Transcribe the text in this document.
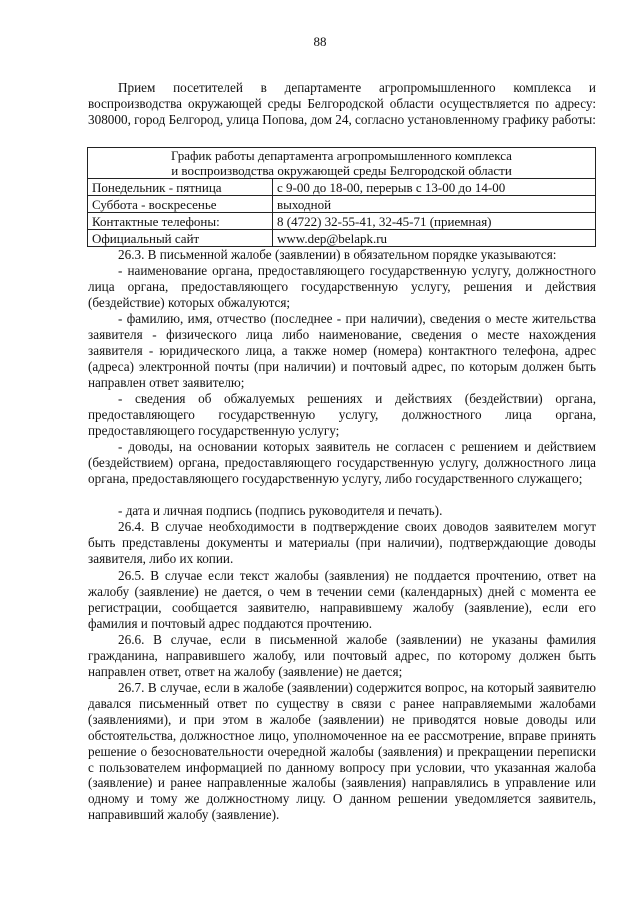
88
Прием посетителей в департаменте агропромышленного комплекса и воспроизводства окружающей среды Белгородской области осуществляется по адресу: 308000, город Белгород, улица Попова, дом 24, согласно установленному графику работы:
График работы департамента агропромышленного комплекса
и воспроизводства окружающей среды Белгородской области	

Понедельник - пятница	с 9-00 до 18-00, перерыв с 13-00 до 14-00
Суббота - воскресенье	выходной
Контактные телефоны:	8 (4722) 32-55-41, 32-45-71 (приемная)
Официальный сайт	www.dep@belapk.ru
26.3. В письменной жалобе (заявлении) в обязательном порядке указываются:
- наименование органа, предоставляющего государственную услугу, должностного лица органа, предоставляющего государственную услугу, решения и действия (бездействие) которых обжалуются;
- фамилию, имя, отчество (последнее - при наличии), сведения о месте жительства заявителя - физического лица либо наименование, сведения о месте нахождения заявителя - юридического лица, а также номер (номера) контактного телефона, адрес (адреса) электронной почты (при наличии) и почтовый адрес, по которым должен быть направлен ответ заявителю;
- сведения об обжалуемых решениях и действиях (бездействии) органа, предоставляющего государственную услугу, должностного лица органа, предоставляющего государственную услугу;
- доводы, на основании которых заявитель не согласен с решением и действием (бездействием) органа, предоставляющего государственную услугу, должностного лица органа, предоставляющего государственную услугу, либо государственного служащего;
- дата и личная подпись (подпись руководителя и печать).
26.4. В случае необходимости в подтверждение своих доводов заявителем могут быть представлены документы и материалы (при наличии), подтверждающие доводы заявителя, либо их копии.
26.5. В случае если текст жалобы (заявления) не поддается прочтению, ответ на жалобу (заявление) не дается, о чем в течении семи (календарных) дней с момента ее регистрации, сообщается заявителю, направившему жалобу (заявление), если его фамилия и почтовый адрес поддаются прочтению.
26.6. В случае, если в письменной жалобе (заявлении) не указаны фамилия гражданина, направившего жалобу, или почтовый адрес, по которому должен быть направлен ответ, ответ на жалобу (заявление) не дается;
26.7. В случае, если в жалобе (заявлении) содержится вопрос, на который заявителю давался письменный ответ по существу в связи с ранее направляемыми жалобами (заявлениями), и при этом в жалобе (заявлении) не приводятся новые доводы или обстоятельства, должностное лицо, уполномоченное на ее рассмотрение, вправе принять решение о безосновательности очередной жалобы (заявления) и прекращении переписки с пользователем информацией по данному вопросу при условии, что указанная жалоба (заявление) и ранее направленные жалобы (заявления) направлялись в управление или одному и тому же должностному лицу. О данном решении уведомляется заявитель, направивший жалобу (заявление).
